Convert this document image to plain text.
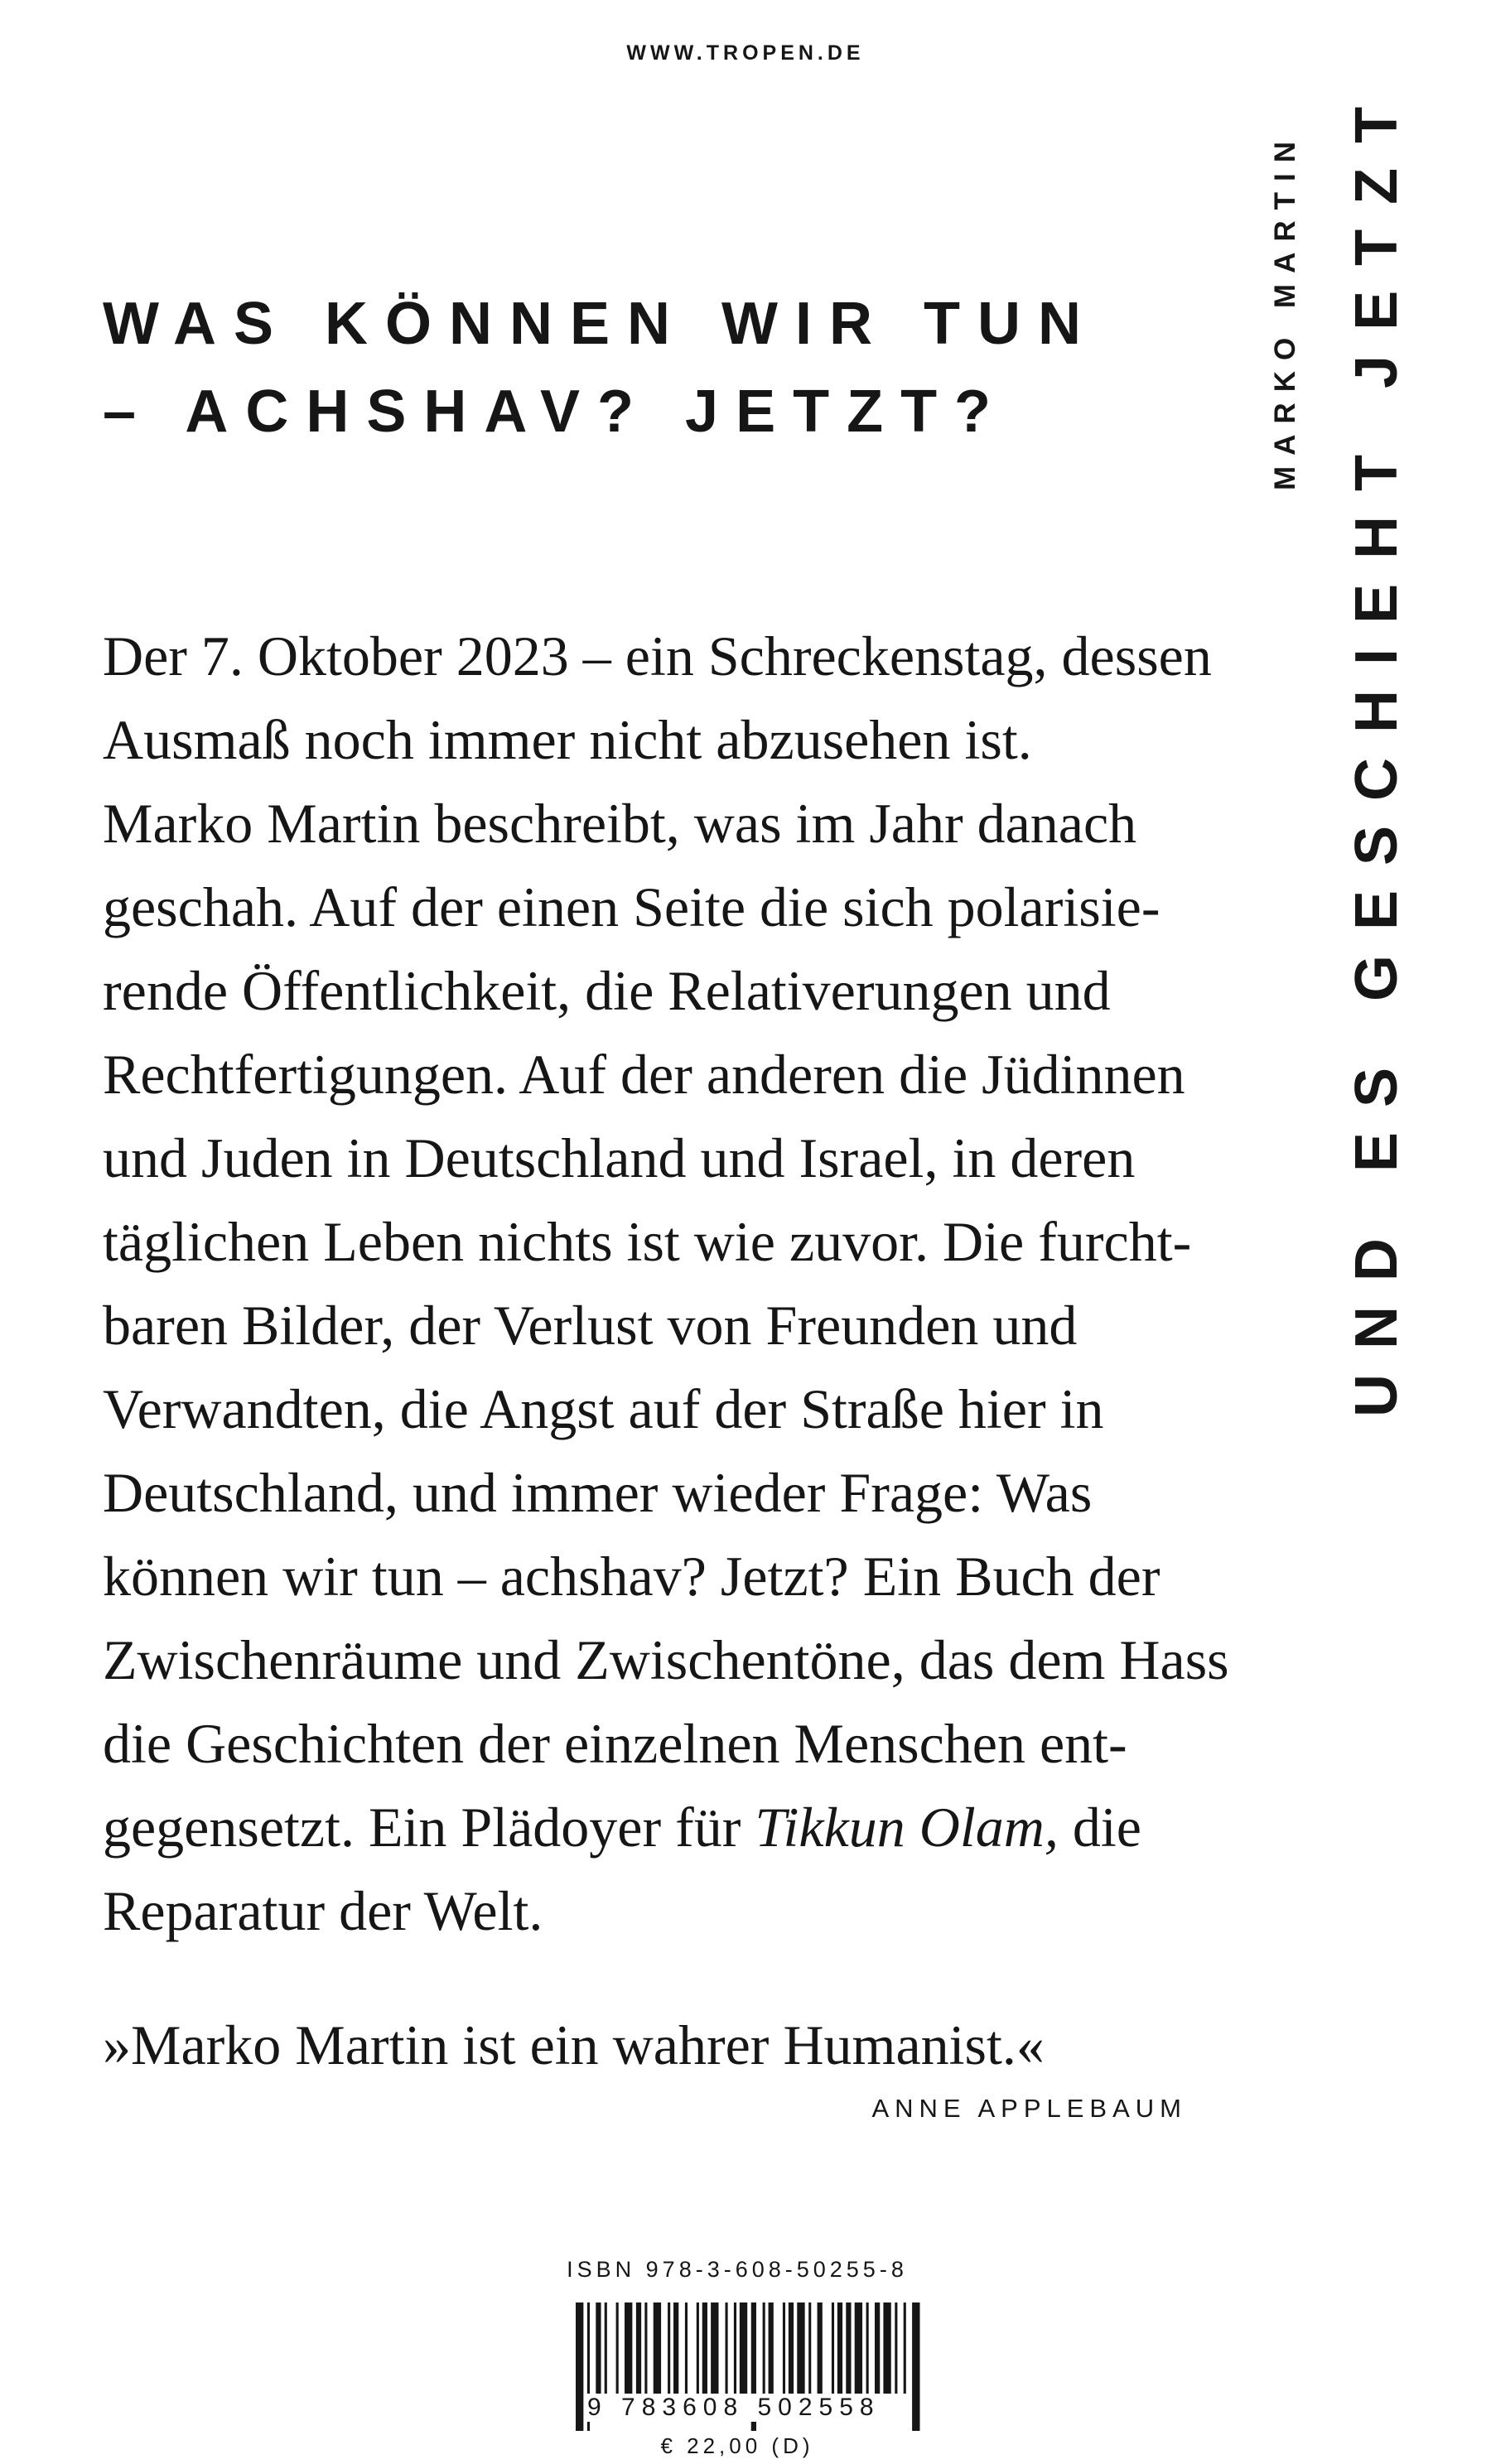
WWW.TROPEN.DE
WAS KÖNNEN WIR TUN
– ACHSHAV? JETZT?
Der 7. Oktober 2023 – ein Schreckenstag, dessen
Ausmaß noch immer nicht abzusehen ist.
Marko Martin beschreibt, was im Jahr danach
geschah. Auf der einen Seite die sich polarisie-
rende Öffentlichkeit, die Relativerungen und
Rechtfertigungen. Auf der anderen die Jüdinnen
und Juden in Deutschland und Israel, in deren
täglichen Leben nichts ist wie zuvor. Die furcht-
baren Bilder, der Verlust von Freunden und
Verwandten, die Angst auf der Straße hier in
Deutschland, und immer wieder Frage: Was
können wir tun – achshav? Jetzt? Ein Buch der
Zwischenräume und Zwischentöne, das dem Hass
die Geschichten der einzelnen Menschen ent-
gegensetzt. Ein Plädoyer für Tikkun Olam, die
Reparatur der Welt.
»Marko Martin ist ein wahrer Humanist.«
ANNE APPLEBAUM
MARKO MARTIN UND ES GESCHIEHT JETZT
ISBN 978-3-608-50255-8
9 783608 502558
€ 22,00 (D)
